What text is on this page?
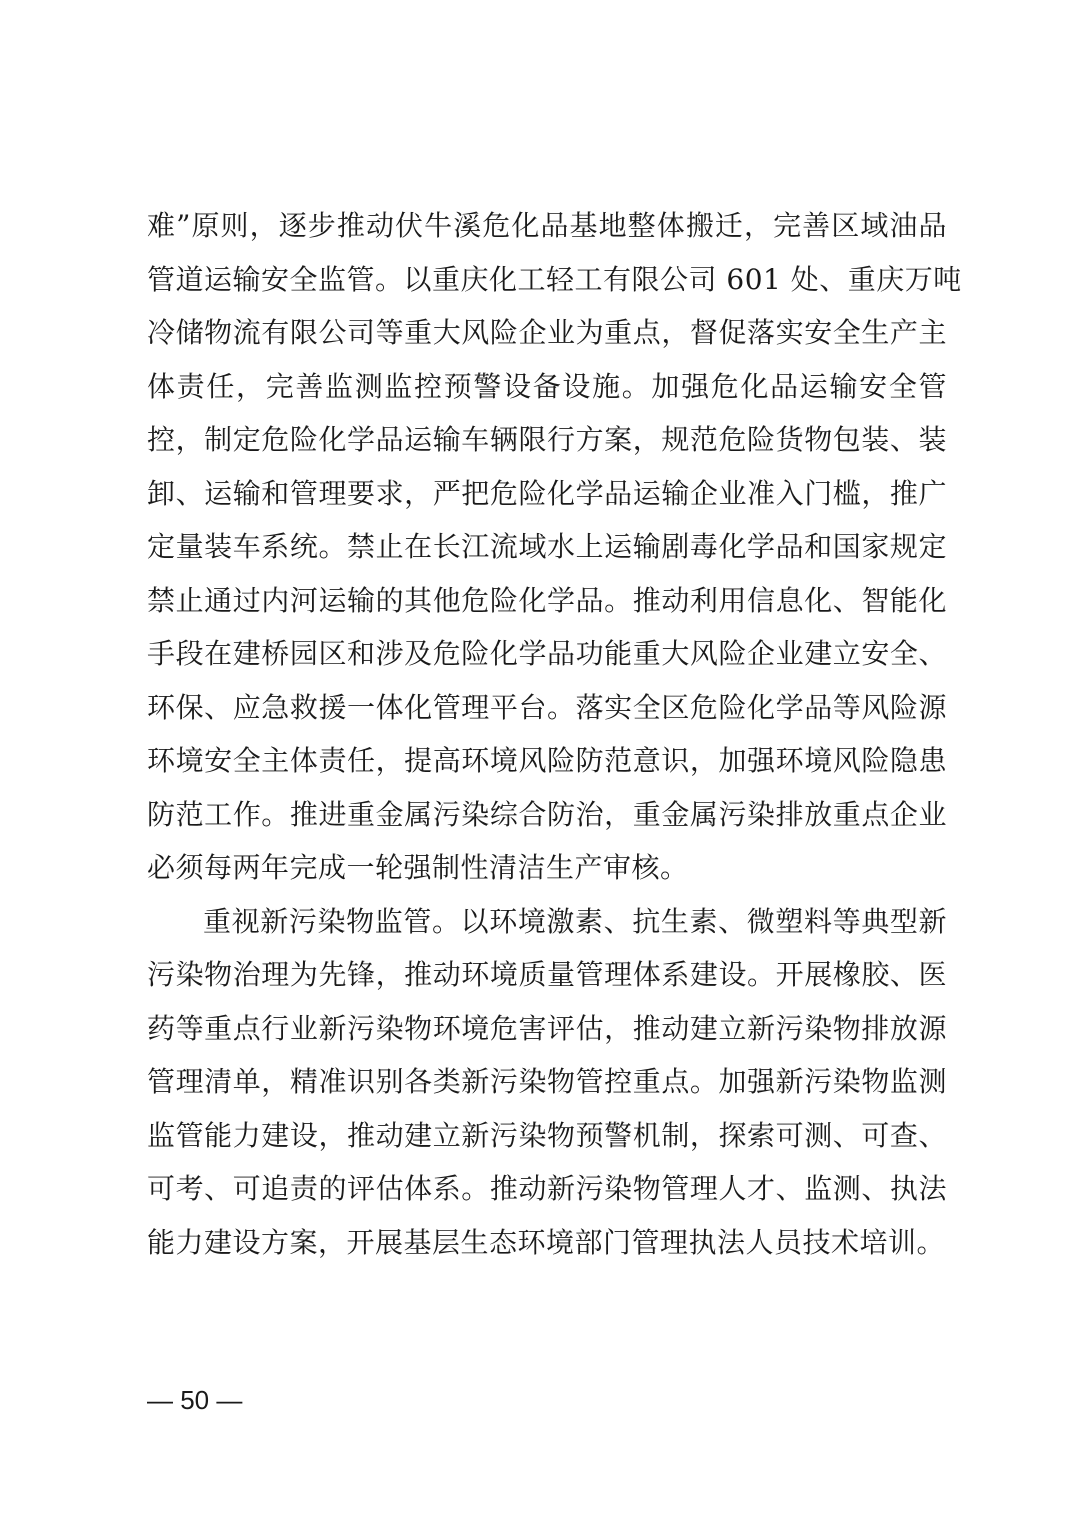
难”原则，逐步推动伏牛溪危化品基地整体搬迁，完善区域油品
管道运输安全监管。以重庆化工轻工有限公司 601 处、重庆万吨
冷储物流有限公司等重大风险企业为重点，督促落实安全生产主
体责任，完善监测监控预警设备设施。加强危化品运输安全管
控，制定危险化学品运输车辆限行方案，规范危险货物包装、装
卸、运输和管理要求，严把危险化学品运输企业准入门槛，推广
定量装车系统。禁止在长江流域水上运输剧毒化学品和国家规定
禁止通过内河运输的其他危险化学品。推动利用信息化、智能化
手段在建桥园区和涉及危险化学品功能重大风险企业建立安全、
环保、应急救援一体化管理平台。落实全区危险化学品等风险源
环境安全主体责任，提高环境风险防范意识，加强环境风险隐患
防范工作。推进重金属污染综合防治，重金属污染排放重点企业
必须每两年完成一轮强制性清洁生产审核。
重视新污染物监管。以环境激素、抗生素、微塑料等典型新
污染物治理为先锋，推动环境质量管理体系建设。开展橡胶、医
药等重点行业新污染物环境危害评估，推动建立新污染物排放源
管理清单，精准识别各类新污染物管控重点。加强新污染物监测
监管能力建设，推动建立新污染物预警机制，探索可测、可查、
可考、可追责的评估体系。推动新污染物管理人才、监测、执法
能力建设方案，开展基层生态环境部门管理执法人员技术培训。
— 50 —
